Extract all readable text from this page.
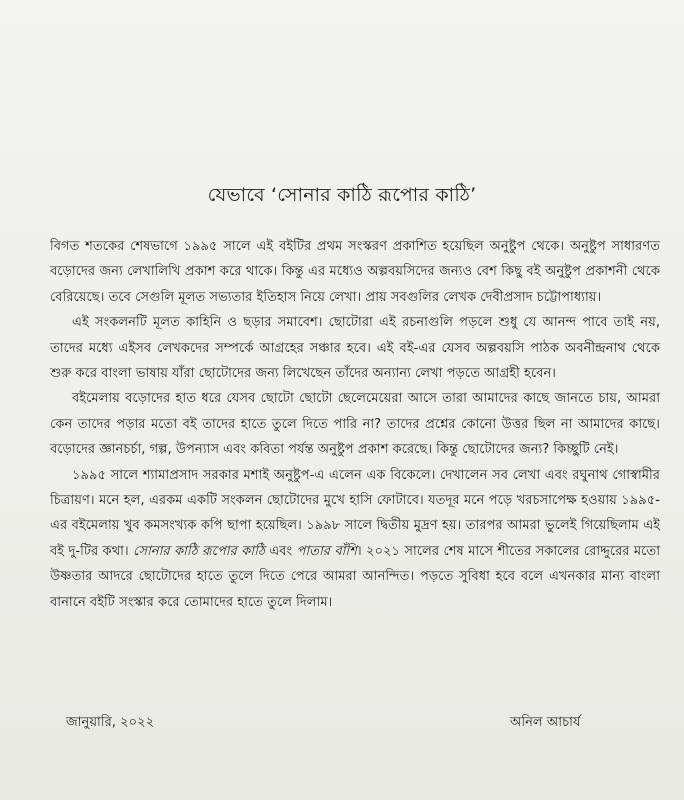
যেভাবে ‘সোনার কাঠি রূপোর কাঠি’

বিগত শতকের শেষভাগে ১৯৯৫ সালে এই বইটির প্রথম সংস্করণ প্রকাশিত হয়েছিল অনুষ্টুপ থেকে। অনুষ্টুপ সাধারণত বড়োদের জন্য লেখালিখি প্রকাশ করে থাকে। কিন্তু এর মধ্যেও অল্পবয়সিদের জন্যও বেশ কিছু বই অনুষ্টুপ প্রকাশনী থেকে বেরিয়েছে। তবে সেগুলি মূলত সভ্যতার ইতিহাস নিয়ে লেখা। প্রায় সবগুলির লেখক দেবীপ্রসাদ চট্টোপাধ্যায়।

এই সংকলনটি মূলত কাহিনি ও ছড়ার সমাবেশ। ছোটোরা এই রচনাগুলি পড়লে শুধু যে আনন্দ পাবে তাই নয়, তাদের মধ্যে এইসব লেখকদের সম্পর্কে আগ্রহের সঞ্চার হবে। এই বই-এর যেসব অল্পবয়সি পাঠক অবনীন্দ্রনাথ থেকে শুরু করে বাংলা ভাষায় যাঁরা ছোটোদের জন্য লিখেছেন তাঁদের অন্যান্য লেখা পড়তে আগ্রহী হবেন।

বইমেলায় বড়োদের হাত ধরে যেসব ছোটো ছোটো ছেলেমেয়েরা আসে তারা আমাদের কাছে জানতে চায়, আমরা কেন তাদের পড়ার মতো বই তাদের হাতে তুলে দিতে পারি না? তাদের প্রশ্নের কোনো উত্তর ছিল না আমাদের কাছে। বড়োদের জ্ঞানচর্চা, গল্প, উপন্যাস এবং কবিতা পর্যন্ত অনুষ্টুপ প্রকাশ করেছে। কিন্তু ছোটোদের জন্য? কিচ্ছুটি নেই।

১৯৯৫ সালে শ্যামাপ্রসাদ সরকার মশাই অনুষ্টুপ-এ এলেন এক বিকেলে। দেখালেন সব লেখা এবং রঘুনাথ গোস্বামীর চিত্রায়ণ। মনে হল, এরকম একটি সংকলন ছোটোদের মুখে হাসি ফোটাবে। যতদূর মনে পড়ে খরচসাপেক্ষ হওয়ায় ১৯৯৫-এর বইমেলায় খুব কমসংখ্যক কপি ছাপা হয়েছিল। ১৯৯৮ সালে দ্বিতীয় মুদ্রণ হয়। তারপর আমরা ভুলেই গিয়েছিলাম এই বই দু-টির কথা। সোনার কাঠি রূপোর কাঠি এবং পাতার বাঁশি। ২০২১ সালের শেষ মাসে শীতের সকালের রোদ্দুরের মতো উষ্ণতার আদরে ছোটোদের হাতে তুলে দিতে পেরে আমরা আনন্দিত। পড়তে সুবিধা হবে বলে এখনকার মান্য বাংলা বানানে বইটি সংস্কার করে তোমাদের হাতে তুলে দিলাম।

জানুয়ারি, ২০২২	অনিল আচার্য
